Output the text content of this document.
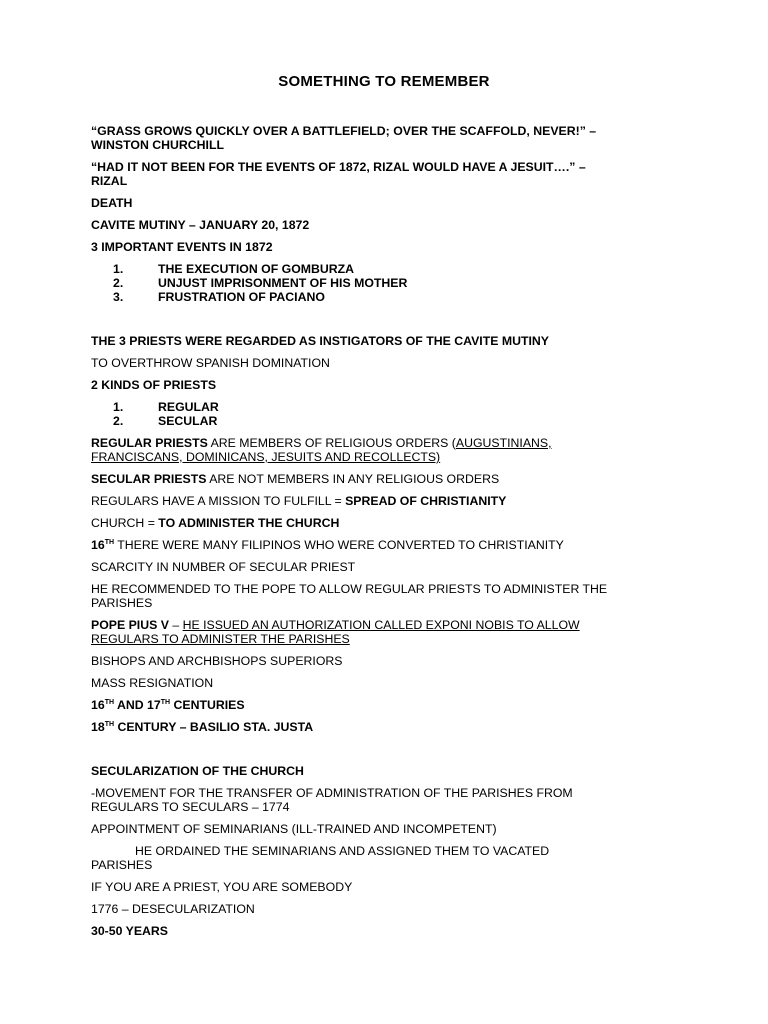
SOMETHING TO REMEMBER
“GRASS GROWS QUICKLY OVER A BATTLEFIELD; OVER THE SCAFFOLD, NEVER!” –
WINSTON CHURCHILL
“HAD IT NOT BEEN FOR THE EVENTS OF 1872, RIZAL WOULD HAVE A JESUIT….” –
RIZAL
DEATH
CAVITE MUTINY – JANUARY 20, 1872
3 IMPORTANT EVENTS IN 1872
1.	THE EXECUTION OF GOMBURZA
2.	UNJUST IMPRISONMENT OF HIS MOTHER
3.	FRUSTRATION OF PACIANO
THE 3 PRIESTS WERE REGARDED AS INSTIGATORS OF THE CAVITE MUTINY
TO OVERTHROW SPANISH DOMINATION
2 KINDS OF PRIESTS
1.	REGULAR
2.	SECULAR
REGULAR PRIESTS ARE MEMBERS OF RELIGIOUS ORDERS (AUGUSTINIANS,
FRANCISCANS, DOMINICANS, JESUITS AND RECOLLECTS)
SECULAR PRIESTS ARE NOT MEMBERS IN ANY RELIGIOUS ORDERS
REGULARS HAVE A MISSION TO FULFILL = SPREAD OF CHRISTIANITY
CHURCH = TO ADMINISTER THE CHURCH
16TH THERE WERE MANY FILIPINOS WHO WERE CONVERTED TO CHRISTIANITY
SCARCITY IN NUMBER OF SECULAR PRIEST
HE RECOMMENDED TO THE POPE TO ALLOW REGULAR PRIESTS TO ADMINISTER THE
PARISHES
POPE PIUS V – HE ISSUED AN AUTHORIZATION CALLED EXPONI NOBIS TO ALLOW
REGULARS TO ADMINISTER THE PARISHES
BISHOPS AND ARCHBISHOPS SUPERIORS
MASS RESIGNATION
16TH AND 17TH CENTURIES
18TH CENTURY – BASILIO STA. JUSTA
SECULARIZATION OF THE CHURCH
-MOVEMENT FOR THE TRANSFER OF ADMINISTRATION OF THE PARISHES FROM
REGULARS TO SECULARS – 1774
APPOINTMENT OF SEMINARIANS (ILL-TRAINED AND INCOMPETENT)
HE ORDAINED THE SEMINARIANS AND ASSIGNED THEM TO VACATED
PARISHES
IF YOU ARE A PRIEST, YOU ARE SOMEBODY
1776 – DESECULARIZATION
30-50 YEARS
